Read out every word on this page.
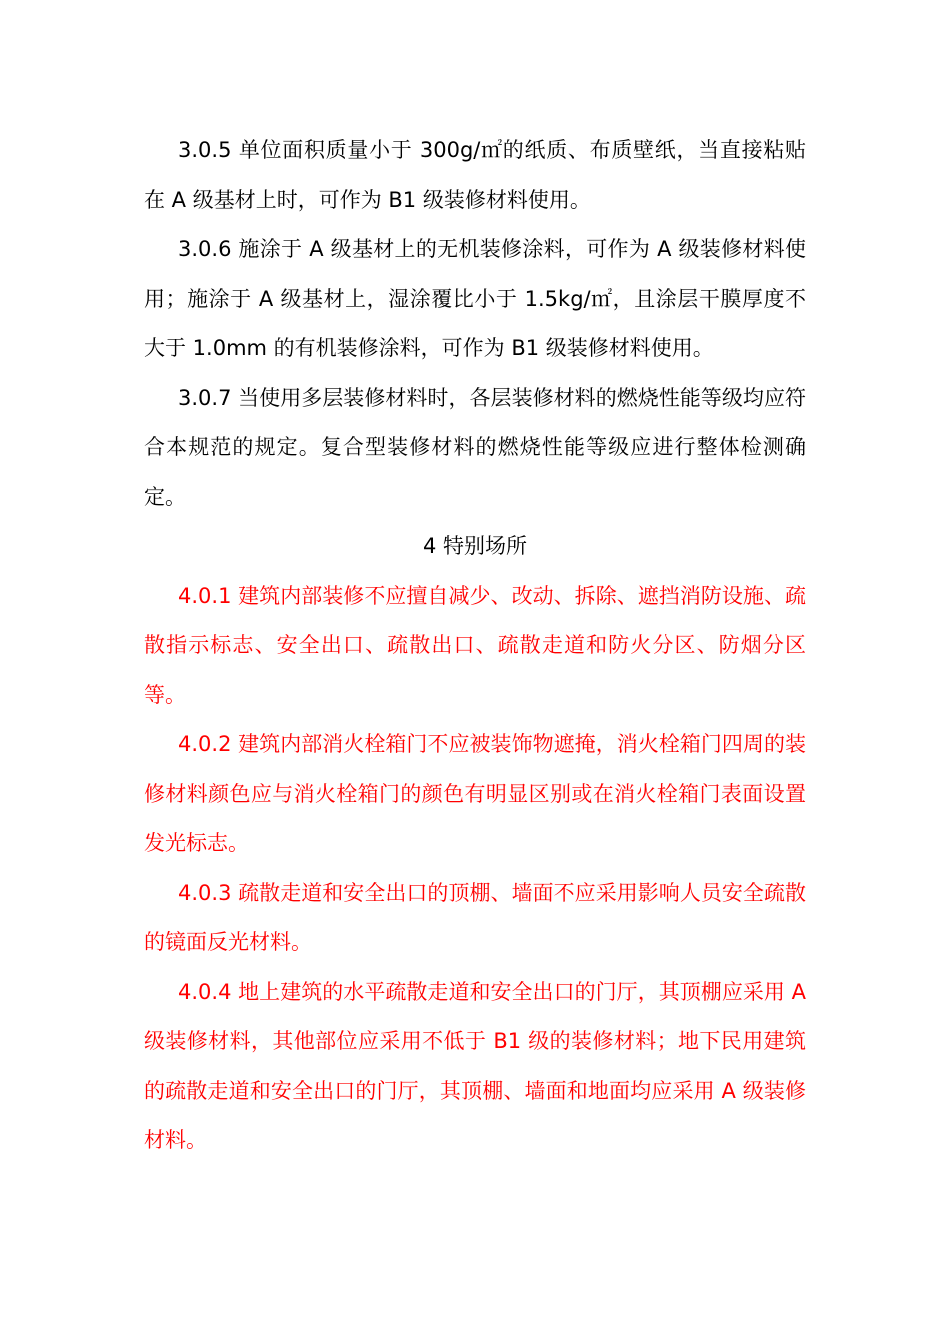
3.0.5 单位面积质量小于 300g/㎡的纸质、布质壁纸，当直接粘贴在 A 级基材上时，可作为 B1 级装修材料使用。

3.0.6 施涂于 A 级基材上的无机装修涂料，可作为 A 级装修材料使用；施涂于 A 级基材上，湿涂覆比小于 1.5kg/㎡，且涂层干膜厚度不大于 1.0mm 的有机装修涂料，可作为 B1 级装修材料使用。

3.0.7 当使用多层装修材料时，各层装修材料的燃烧性能等级均应符合本规范的规定。复合型装修材料的燃烧性能等级应进行整体检测确定。

4 特别场所

4.0.1 建筑内部装修不应擅自减少、改动、拆除、遮挡消防设施、疏散指示标志、安全出口、疏散出口、疏散走道和防火分区、防烟分区等。

4.0.2 建筑内部消火栓箱门不应被装饰物遮掩，消火栓箱门四周的装修材料颜色应与消火栓箱门的颜色有明显区别或在消火栓箱门表面设置发光标志。

4.0.3 疏散走道和安全出口的顶棚、墙面不应采用影响人员安全疏散的镜面反光材料。

4.0.4 地上建筑的水平疏散走道和安全出口的门厅，其顶棚应采用 A 级装修材料，其他部位应采用不低于 B1 级的装修材料；地下民用建筑的疏散走道和安全出口的门厅，其顶棚、墙面和地面均应采用 A 级装修材料。
